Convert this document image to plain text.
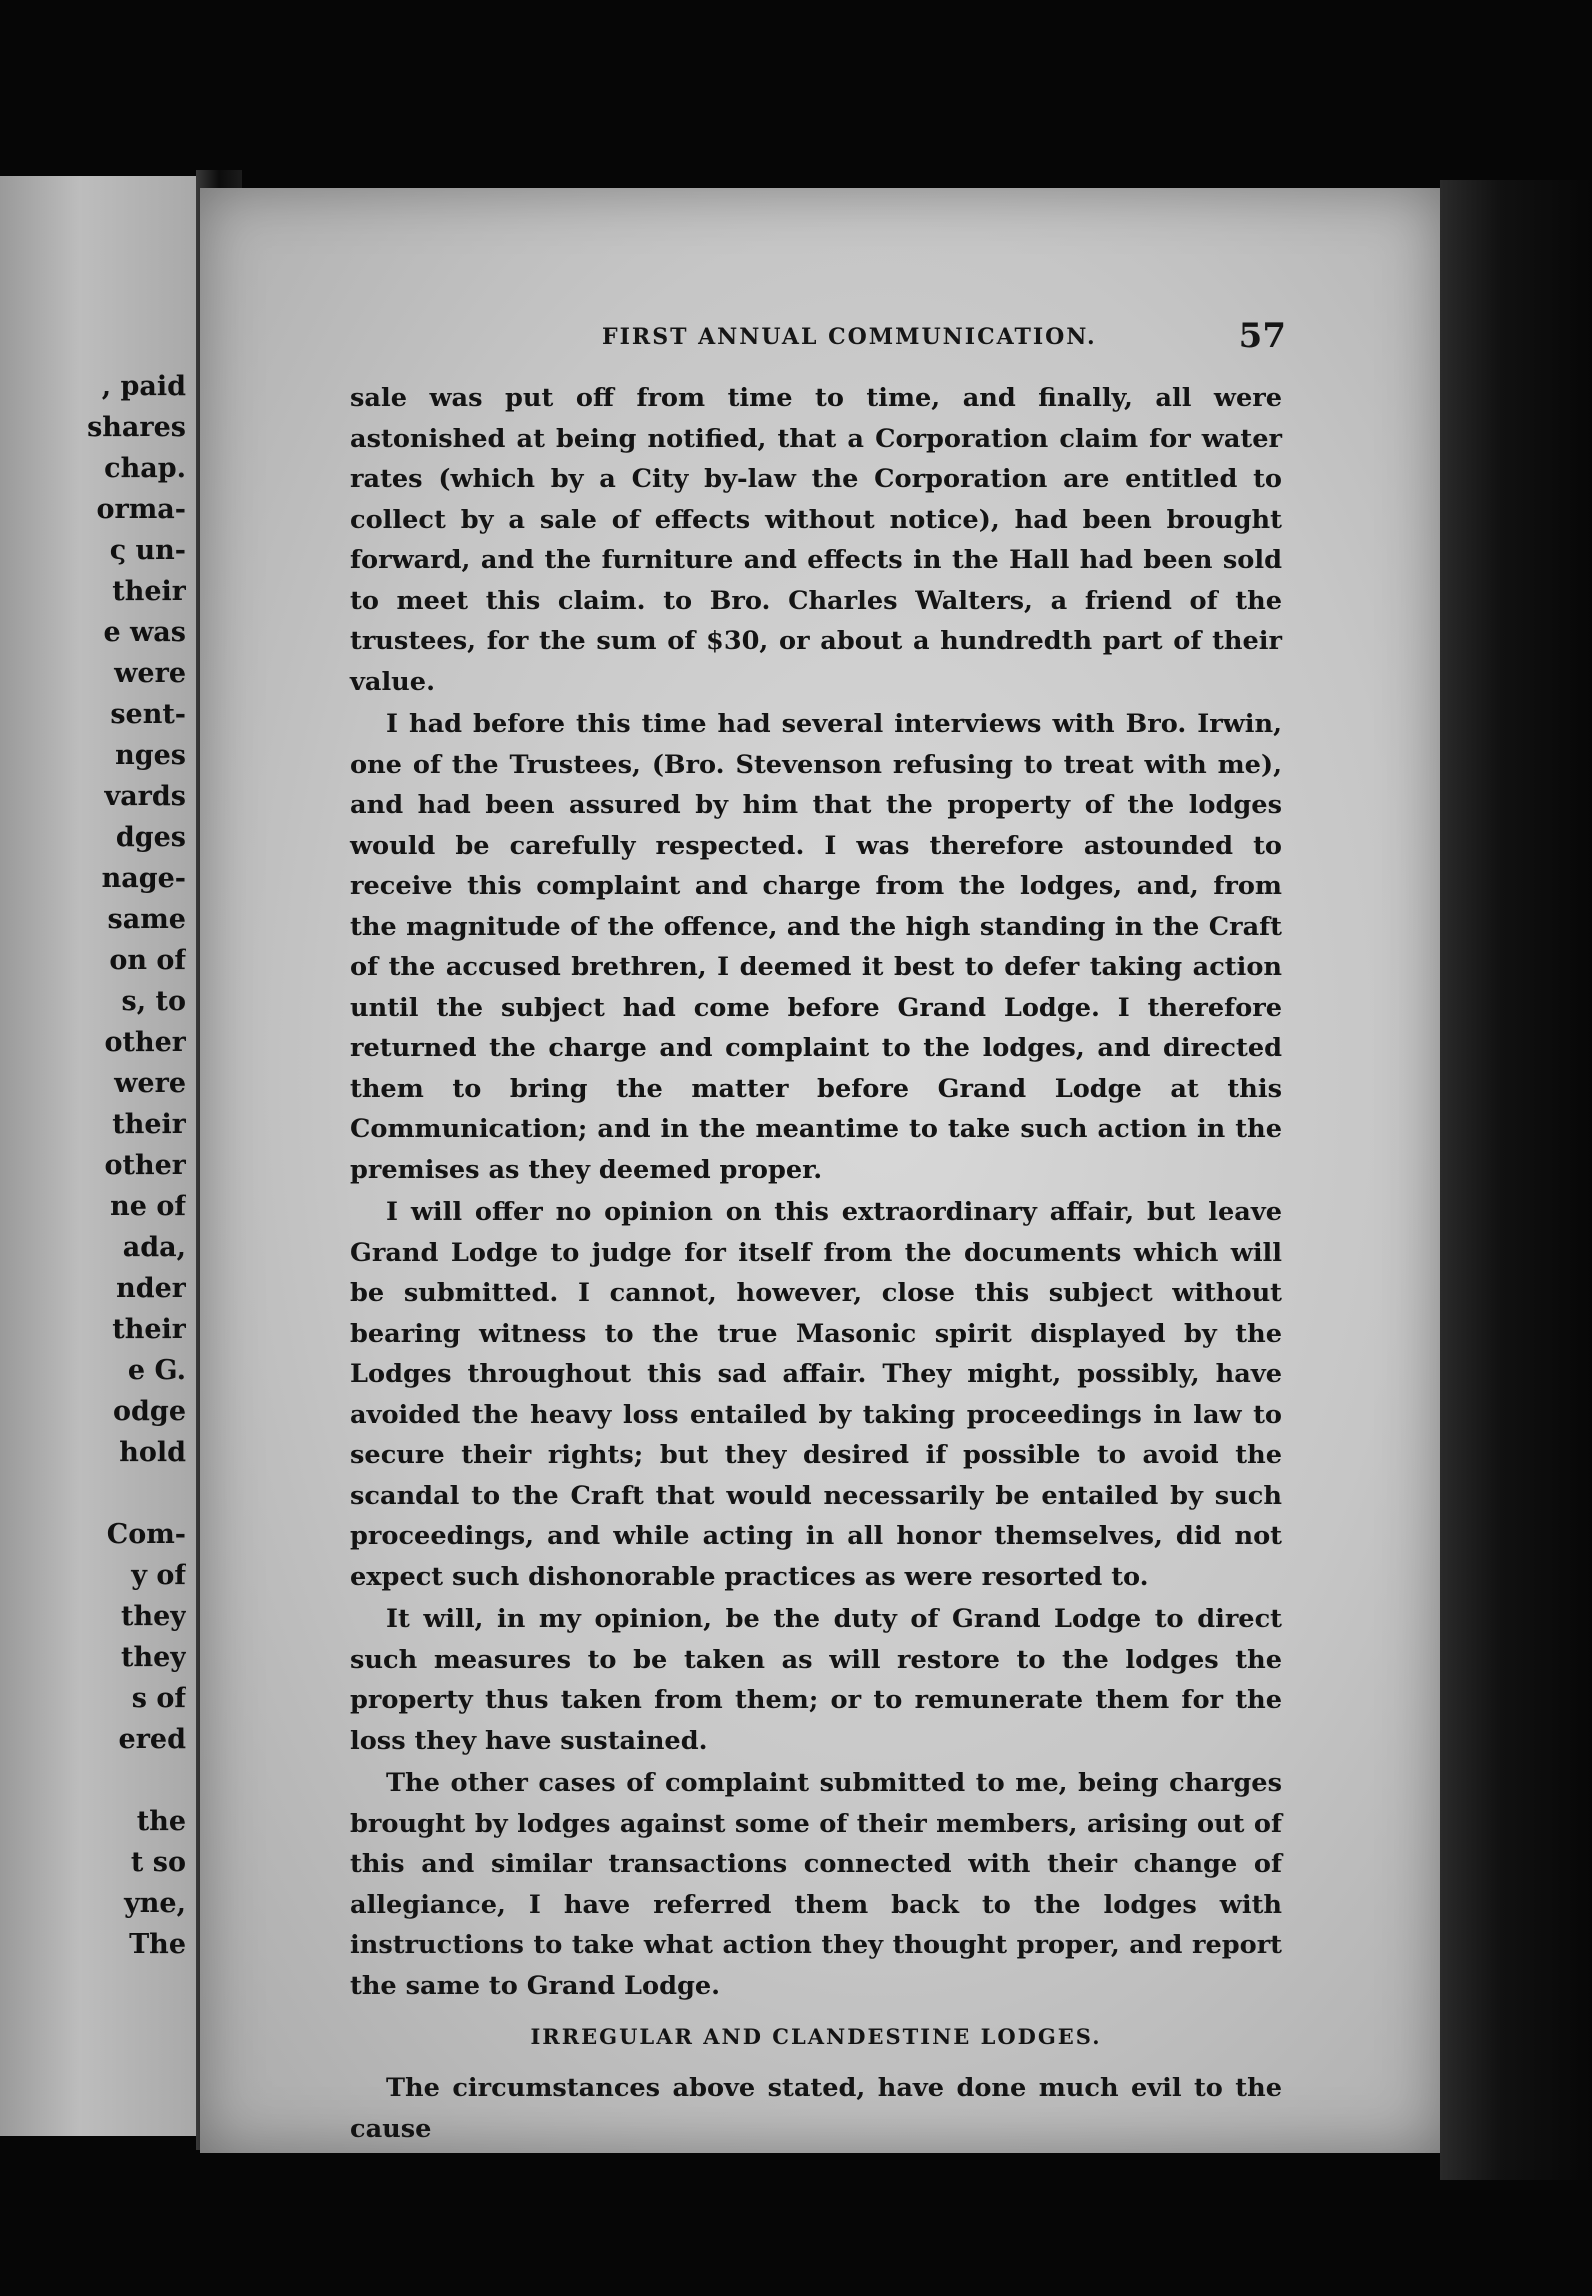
, paid
shares
chap.
orma-
ς un-
their
e was
were
sent-
nges
vards
dges
nage-
same
on of
s, to
other
were
their
other
ne of
ada,
nder
their
e G.
odge
hold
Com-
y of
they
they
s of
ered
the
t so
yne,
The
FIRST ANNUAL COMMUNICATION.	57

sale was put off from time to time, and finally, all were astonished at being notified, that a Corporation claim for water rates (which by a City by-law the Corporation are entitled to collect by a sale of effects without notice), had been brought forward, and the furniture and effects in the Hall had been sold to meet this claim. to Bro. Charles Walters, a friend of the trustees, for the sum of $30, or about a hundredth part of their value.

I had before this time had several interviews with Bro. Irwin, one of the Trustees, (Bro. Stevenson refusing to treat with me), and had been assured by him that the property of the lodges would be carefully respected. I was therefore astounded to receive this complaint and charge from the lodges, and, from the magnitude of the offence, and the high standing in the Craft of the accused brethren, I deemed it best to defer taking action until the subject had come before Grand Lodge. I therefore returned the charge and complaint to the lodges, and directed them to bring the matter before Grand Lodge at this Communication; and in the meantime to take such action in the premises as they deemed proper.

I will offer no opinion on this extraordinary affair, but leave Grand Lodge to judge for itself from the documents which will be submitted. I cannot, however, close this subject without bearing witness to the true Masonic spirit displayed by the Lodges throughout this sad affair. They might, possibly, have avoided the heavy loss entailed by taking proceedings in law to secure their rights; but they desired if possible to avoid the scandal to the Craft that would necessarily be entailed by such proceedings, and while acting in all honor themselves, did not expect such dishonorable practices as were resorted to.

It will, in my opinion, be the duty of Grand Lodge to direct such measures to be taken as will restore to the lodges the property thus taken from them; or to remunerate them for the loss they have sustained.

The other cases of complaint submitted to me, being charges brought by lodges against some of their members, arising out of this and similar transactions connected with their change of allegiance, I have referred them back to the lodges with instructions to take what action they thought proper, and report the same to Grand Lodge.

IRREGULAR AND CLANDESTINE LODGES.

The circumstances above stated, have done much evil to the cause
